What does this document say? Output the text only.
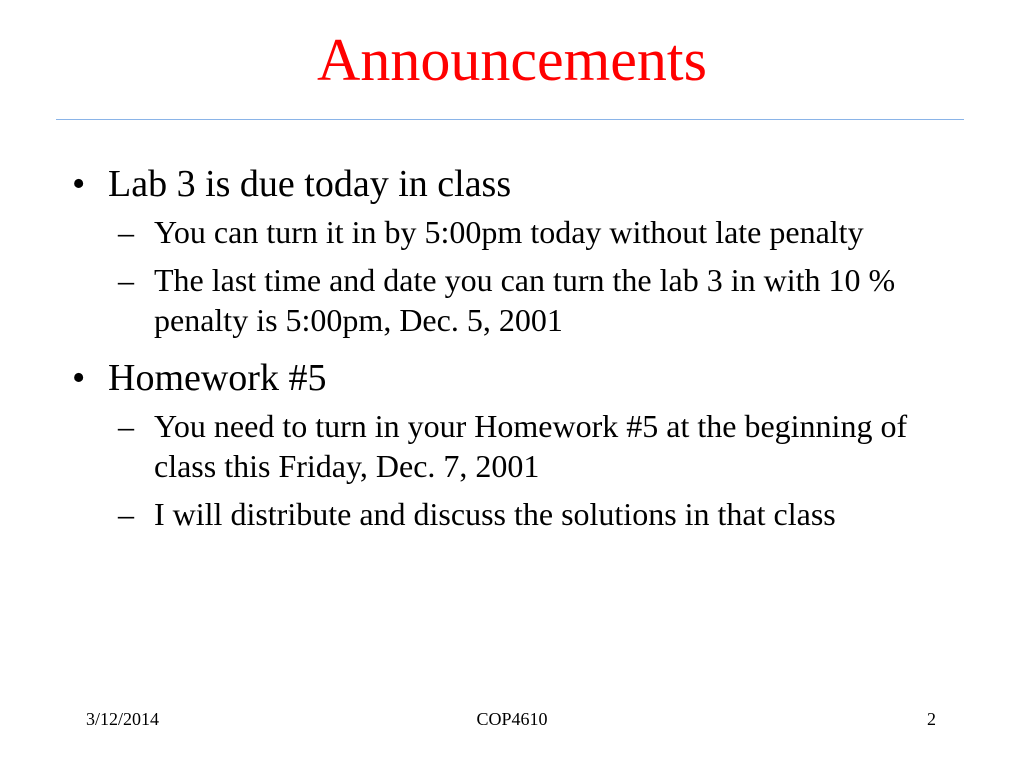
Announcements

• Lab 3 is due today in class

– You can turn it in by 5:00pm today without late penalty
– The last time and date you can turn the lab 3 in with 10 % penalty is 5:00pm, Dec. 5, 2001

• Homework #5

– You need to turn in your Homework #5 at the beginning of class this Friday, Dec. 7, 2001
– I will distribute and discuss the solutions in that class
3/12/2014	COP4610	2
